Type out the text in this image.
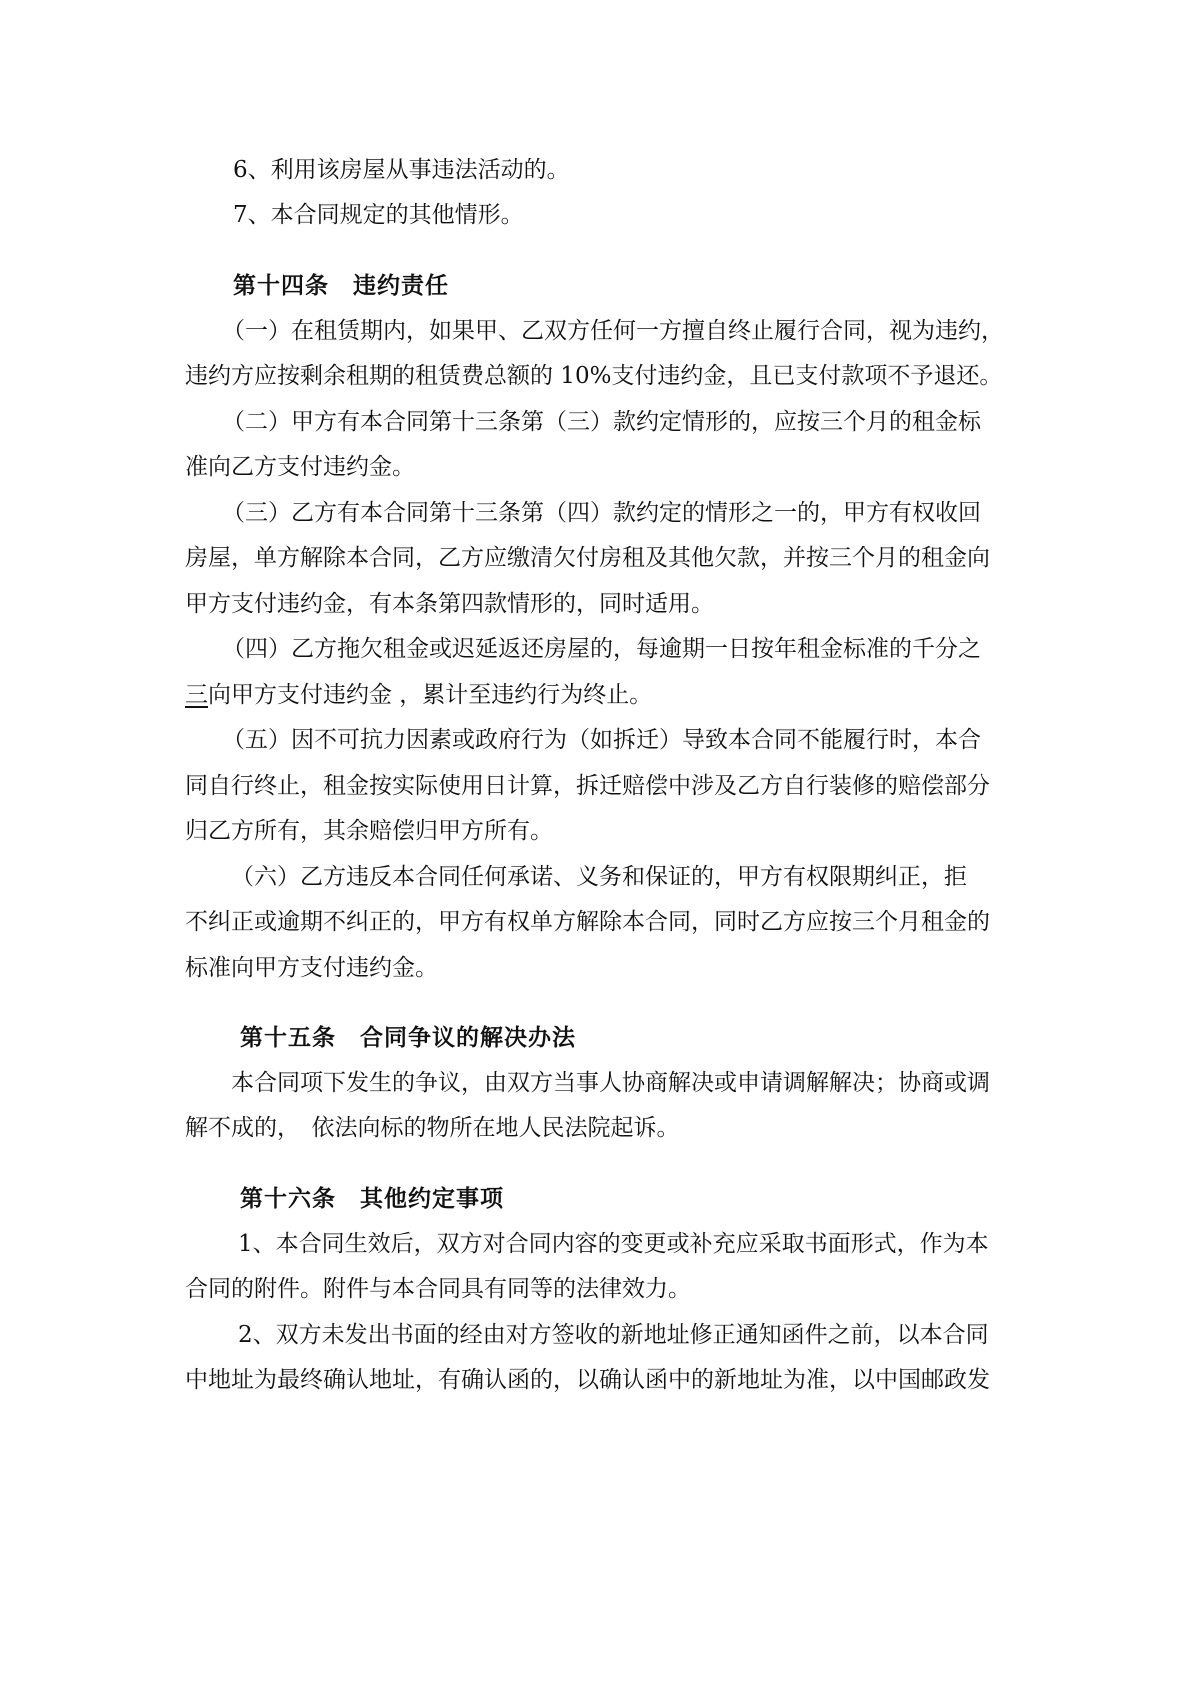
6、利用该房屋从事违法活动的。
7、本合同规定的其他情形。
第十四条　违约责任
（一）在租赁期内，如果甲、乙双方任何一方擅自终止履行合同，视为违约，
违约方应按剩余租期的租赁费总额的 10%支付违约金，且已支付款项不予退还。
（二）甲方有本合同第十三条第（三）款约定情形的，应按三个月的租金标
准向乙方支付违约金。
（三）乙方有本合同第十三条第（四）款约定的情形之一的，甲方有权收回
房屋，单方解除本合同，乙方应缴清欠付房租及其他欠款，并按三个月的租金向
甲方支付违约金，有本条第四款情形的，同时适用。
（四）乙方拖欠租金或迟延返还房屋的，每逾期一日按年租金标准的千分之
三向甲方支付违约金 ，累计至违约行为终止。
（五）因不可抗力因素或政府行为（如拆迁）导致本合同不能履行时，本合
同自行终止，租金按实际使用日计算，拆迁赔偿中涉及乙方自行装修的赔偿部分
归乙方所有，其余赔偿归甲方所有。
（六）乙方违反本合同任何承诺、义务和保证的，甲方有权限期纠正，拒
不纠正或逾期不纠正的，甲方有权单方解除本合同，同时乙方应按三个月租金的
标准向甲方支付违约金。
第十五条　合同争议的解决办法
本合同项下发生的争议，由双方当事人协商解决或申请调解解决；协商或调
解不成的，　依法向标的物所在地人民法院起诉。
第十六条　其他约定事项
1、本合同生效后，双方对合同内容的变更或补充应采取书面形式，作为本
合同的附件。附件与本合同具有同等的法律效力。
2、双方未发出书面的经由对方签收的新地址修正通知函件之前，以本合同
中地址为最终确认地址，有确认函的，以确认函中的新地址为准，以中国邮政发
